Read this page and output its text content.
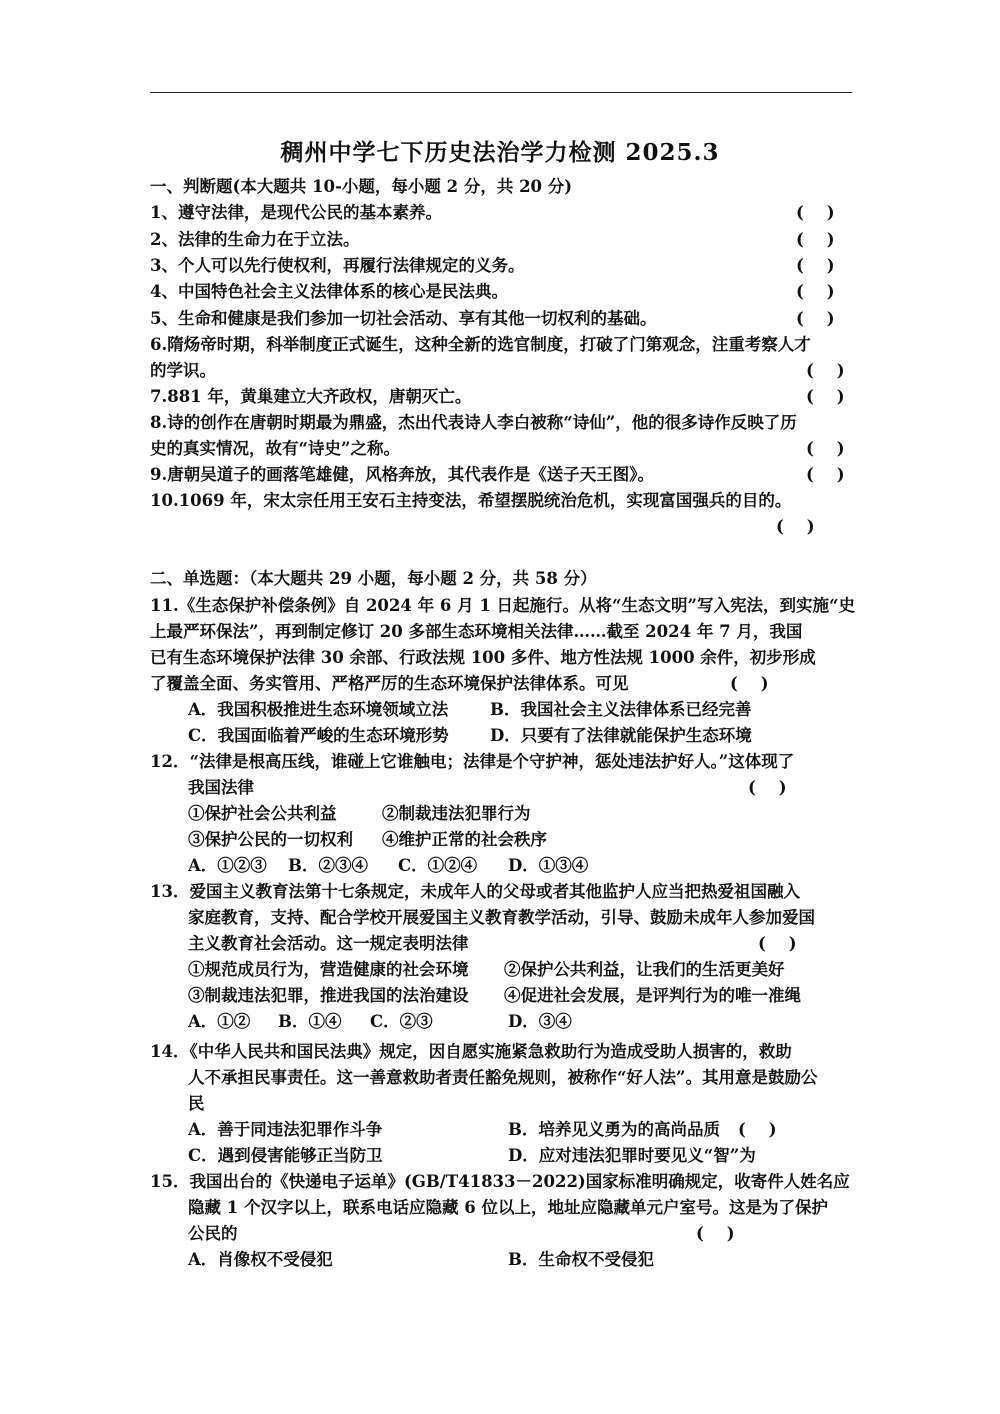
稠州中学七下历史法治学力检测 2025.3
一、判断题(本大题共 10-小题，每小题 2 分，共 20 分)
1、遵守法律，是现代公民的基本素养。	(    )
2、法律的生命力在于立法。	(    )
3、个人可以先行使权利，再履行法律规定的义务。	(    )
4、中国特色社会主义法律体系的核心是民法典。	(    )
5、生命和健康是我们参加一切社会活动、享有其他一切权利的基础。	(    )
6.隋炀帝时期，科举制度正式诞生，这种全新的选官制度，打破了门第观念，注重考察人才
的学识。	(    )
7.881 年，黄巢建立大齐政权，唐朝灭亡。	(    )
8.诗的创作在唐朝时期最为鼎盛，杰出代表诗人李白被称“诗仙”，他的很多诗作反映了历
史的真实情况，故有“诗史”之称。	(    )
9.唐朝吴道子的画落笔雄健，风格奔放，其代表作是《送子天王图》。	(    )
10.1069 年，宋太宗任用王安石主持变法，希望摆脱统治危机，实现富国强兵的目的。
(    )
二、单选题：（本大题共 29 小题，每小题 2 分，共 58 分）
11.《生态保护补偿条例》自 2024 年 6 月 1 日起施行。从将“生态文明”写入宪法，到实施“史
上最严环保法”，再到制定修订 20 多部生态环境相关法律……截至 2024 年 7 月，我国
已有生态环境保护法律 30 余部、行政法规 100 多件、地方性法规 1000 余件，初步形成
了覆盖全面、务实管用、严格严厉的生态环境保护法律体系。可见	(    )
A．我国积极推进生态环境领域立法	B．我国社会主义法律体系已经完善
C．我国面临着严峻的生态环境形势	D．只要有了法律就能保护生态环境
12．“法律是根高压线，谁碰上它谁触电；法律是个守护神，惩处违法护好人。”这体现了
我国法律	(    )
①保护社会公共利益	②制裁违法犯罪行为
③保护公民的一切权利 ④维护正常的社会秩序
A．①②③ B．②③④ C．①②④ D．①③④
13．爱国主义教育法第十七条规定，未成年人的父母或者其他监护人应当把热爱祖国融入
家庭教育，支持、配合学校开展爱国主义教育教学活动，引导、鼓励未成年人参加爱国
主义教育社会活动。这一规定表明法律	(    )
①规范成员行为，营造健康的社会环境 ②保护公共利益，让我们的生活更美好
③制裁违法犯罪，推进我国的法治建设 ④促进社会发展，是评判行为的唯一准绳
A．①② B．①④ C．②③	D．③④
14．《中华人民共和国民法典》规定，因自愿实施紧急救助行为造成受助人损害的，救助
人不承担民事责任。这一善意救助者责任豁免规则，被称作“好人法”。其用意是鼓励公
民
A．善于同违法犯罪作斗争	B．培养见义勇为的高尚品质 (    )
C．遇到侵害能够正当防卫	D．应对违法犯罪时要见义“智”为
15．我国出台的《快递电子运单》(GB/T41833－2022)国家标准明确规定，收寄件人姓名应
隐藏 1 个汉字以上，联系电话应隐藏 6 位以上，地址应隐藏单元户室号。这是为了保护
公民的	(    )
A．肖像权不受侵犯	B．生命权不受侵犯
